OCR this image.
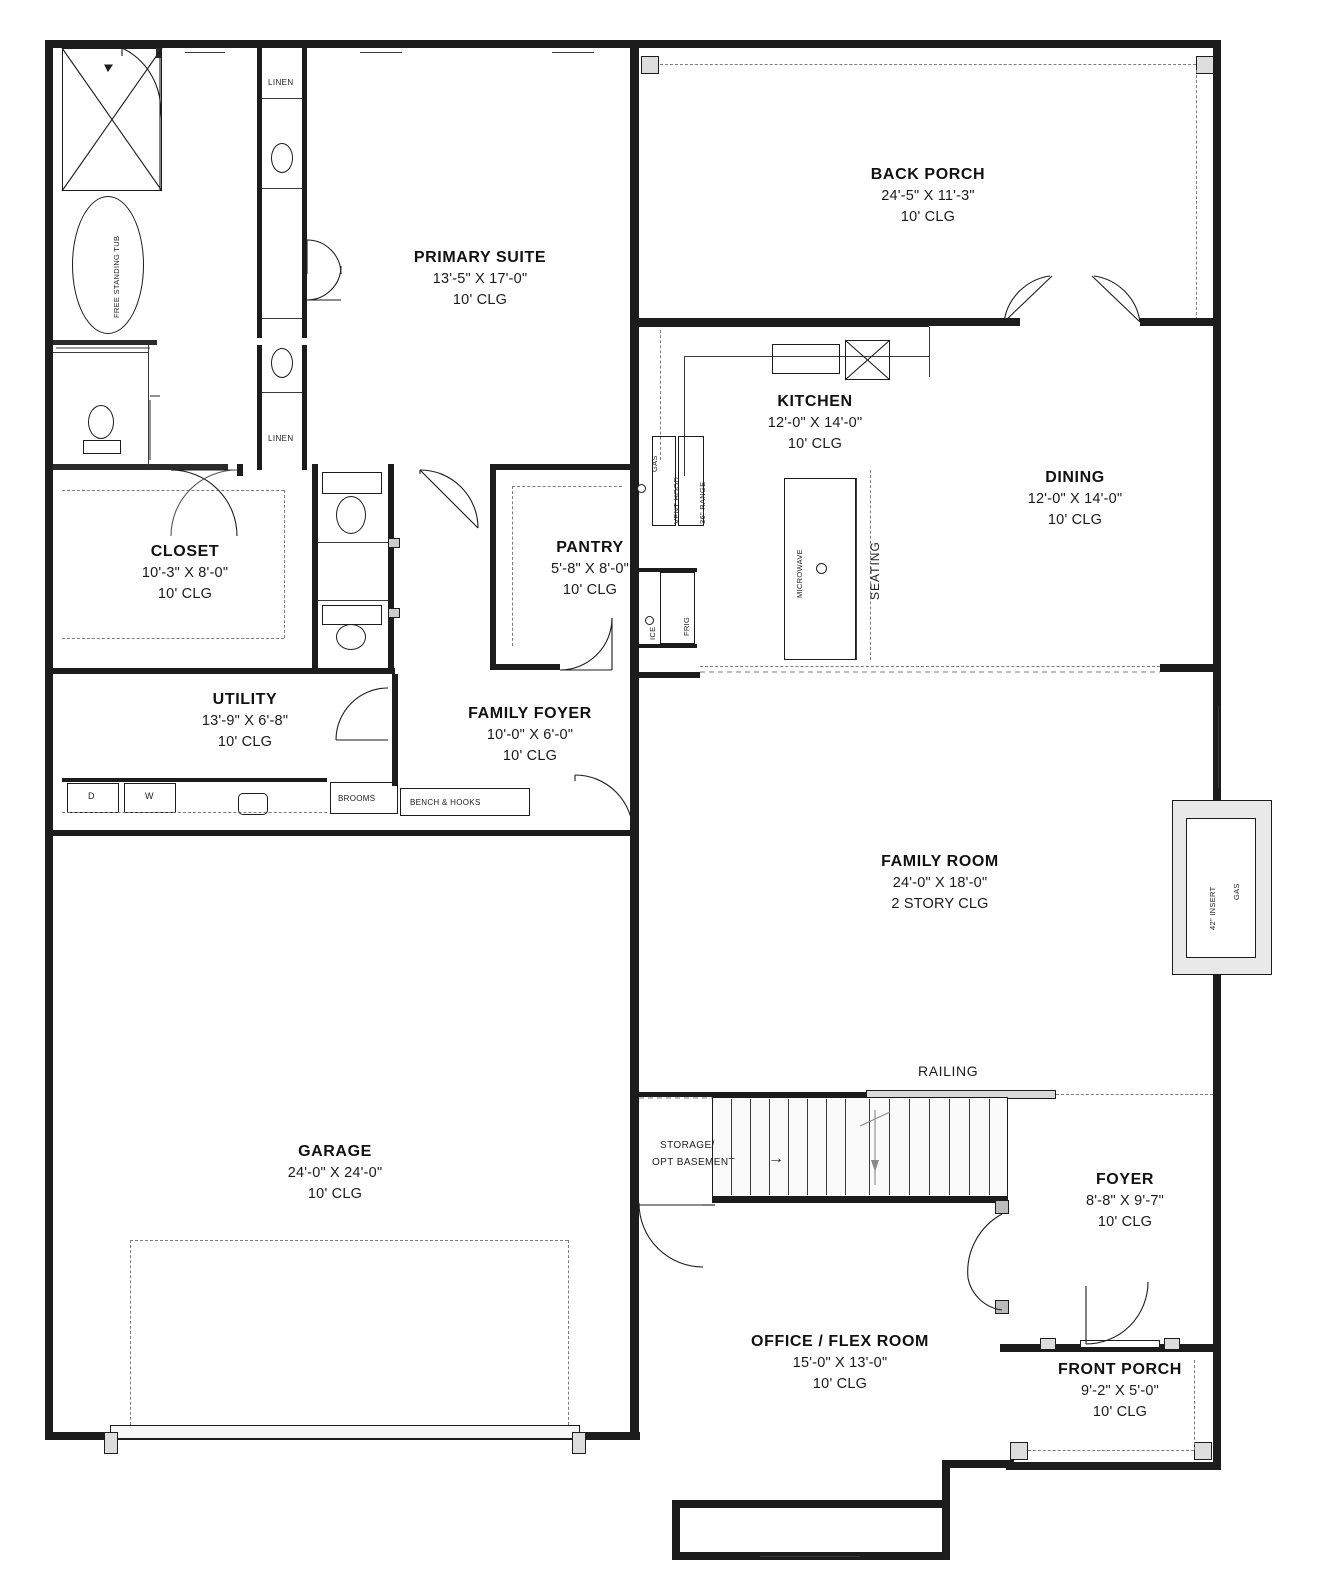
BACK PORCH
24'-5" X 11'-3"
10' CLG
FREE STANDING TUB
LINEN
LINEN
PRIMARY SUITE
13'-5" X 17'-0"
10' CLG
CLOSET
10'-3" X 8'-0"
10' CLG
PANTRY
5'-8" X 8'-0"
10' CLG
UTILITY
13'-9" X 6'-8"
10' CLG
D	W	BROOMS	BENCH & HOOKS
FAMILY FOYER
10'-0" X 6'-0"
10' CLG
KITCHEN
12'-0" X 14'-0"
10' CLG
36" RANGE
VENT HOOD
GAS
FRIG
ICE
MICROWAVE	SEATING
DINING
12'-0" X 14'-0"
10' CLG
FAMILY ROOM
24'-0" X 18'-0"
2 STORY CLG	42" INSERT GAS
RAILING
STORAGE/
OPT BASEMENT →
FOYER
8'-8" X 9'-7"
10' CLG
FRONT PORCH
9'-2" X 5'-0"
10' CLG
OFFICE / FLEX ROOM
15'-0" X 13'-0"
10' CLG
GARAGE
24'-0" X 24'-0"
10' CLG
